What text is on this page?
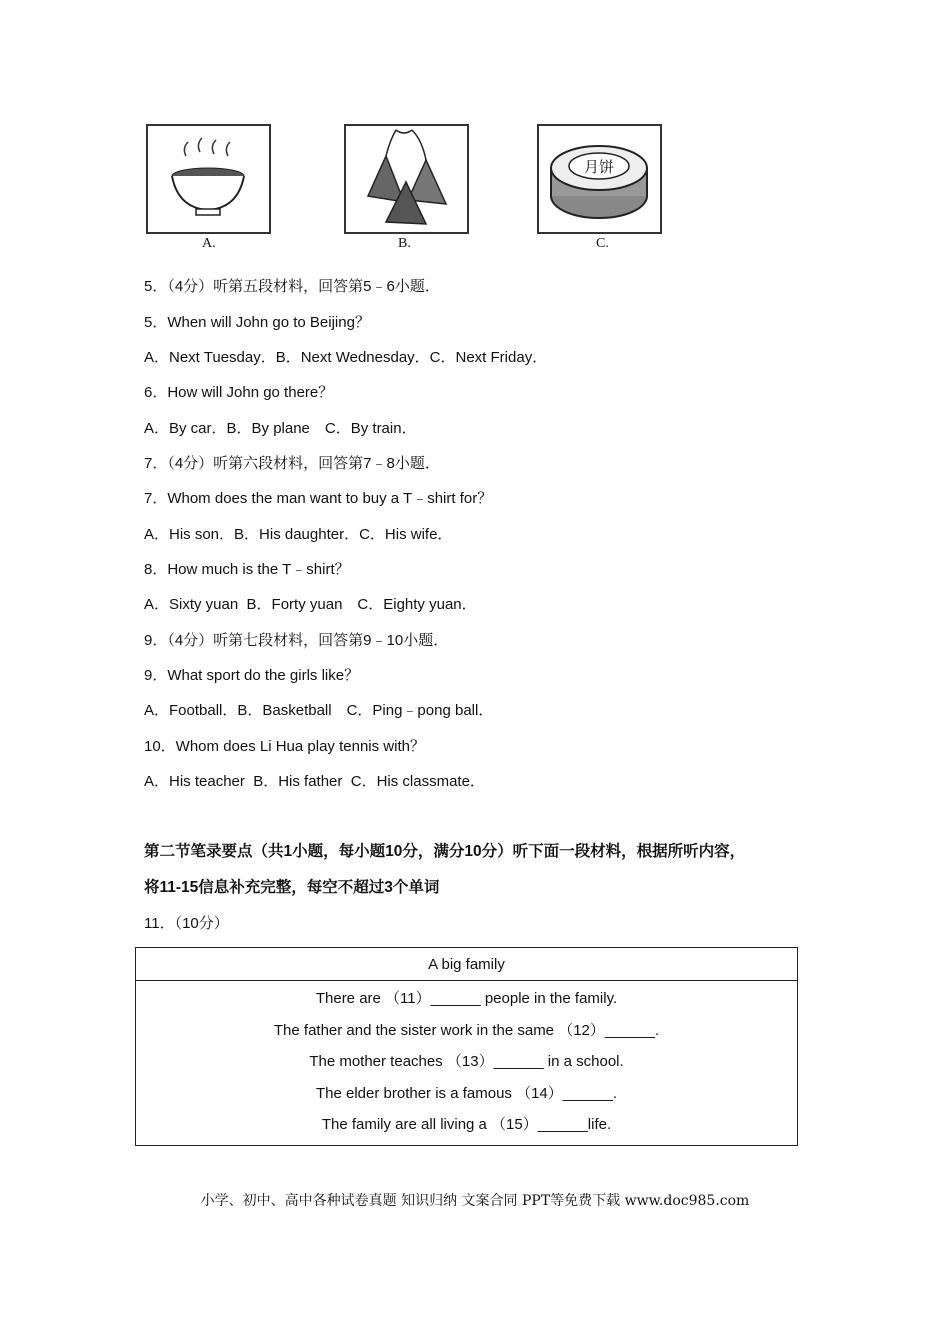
A.	B.
月饼
C.
5．（4分）听第五段材料，回答第5﹣6小题．
5．When will John go to Beijing？
A．Next Tuesday．B．Next Wednesday．C．Next Friday．
6．How will John go there？
A．By car．B．By plane　C．By train．
7．（4分）听第六段材料，回答第7﹣8小题．
7．Whom does the man want to buy a T﹣shirt for？
A．His son．B．His daughter．C．His wife．
8．How much is the T﹣shirt？
A．Sixty yuan  B．Forty yuan　C．Eighty yuan．
9．（4分）听第七段材料，回答第9﹣10小题．
9．What sport do the girls like？
A．Football．B．Basketball　C．Ping﹣pong ball．
10．Whom does Li Hua play tennis with？
A．His teacher  B．His father  C．His classmate．
第二节笔录要点（共1小题，每小题10分，满分10分）听下面一段材料，根据所听内容，
将11-15信息补充完整，每空不超过3个单词
11．（10分）
A big family

There are （11）______ people in the family.
The father and the sister work in the same （12）______.
The mother teaches （13）______ in a school.
The elder brother is a famous （14）______.
The family are all living a （15）______life.
小学、初中、高中各种试卷真题 知识归纳 文案合同 PPT等免费下载 www.doc985.com
